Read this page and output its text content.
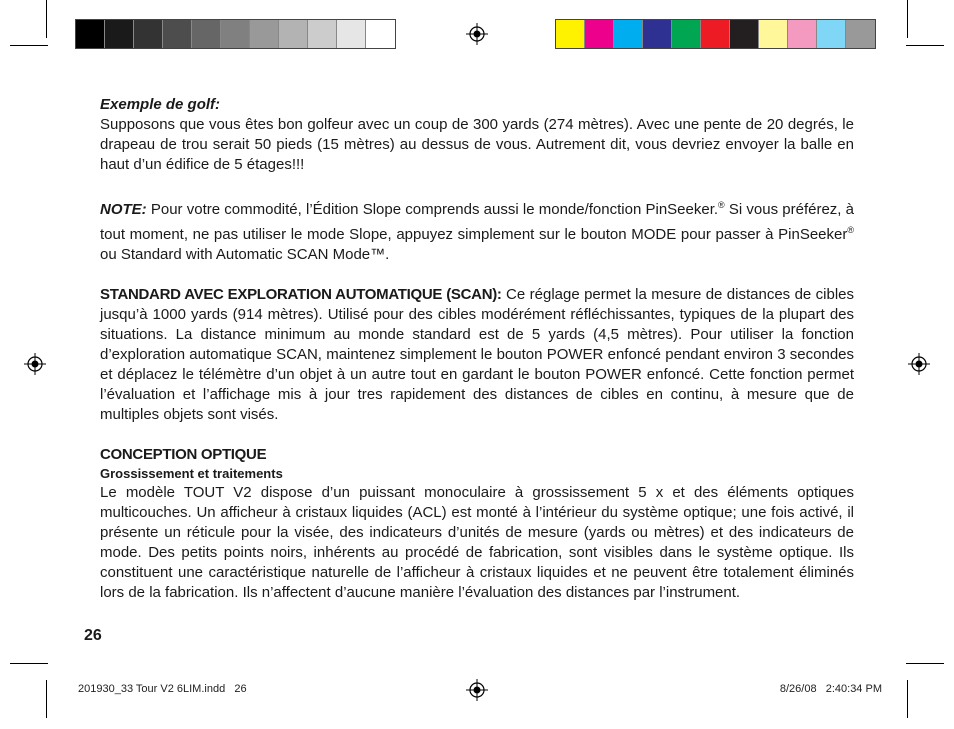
Exemple de golf:

Supposons que vous êtes bon golfeur avec un coup de 300 yards (274 mètres). Avec une pente de 20 degrés, le drapeau de trou serait 50 pieds (15 mètres) au dessus de vous. Autrement dit, vous devriez envoyer la balle en haut d’un édifice de 5 étages!!!

NOTE: Pour votre commodité, l’Édition Slope comprends aussi le monde/fonction PinSeeker.® Si vous préférez, à tout moment, ne pas utiliser le mode Slope, appuyez simplement sur le bouton MODE pour passer à PinSeeker® ou Standard with Automatic SCAN Mode™.

STANDARD AVEC EXPLORATION AUTOMATIQUE (SCAN): Ce réglage permet la mesure de distances de cibles jusqu’à 1000 yards (914 mètres). Utilisé pour des cibles modérément réfléchissantes, typiques de la plupart des situations. La distance minimum au monde standard est de 5 yards (4,5 mètres). Pour utiliser la fonction d’exploration automatique SCAN, maintenez simplement le bouton POWER enfoncé pendant environ 3 secondes et déplacez le télémètre d’un objet à un autre tout en gardant le bouton POWER enfoncé. Cette fonction permet l’évaluation et l’affichage mis à jour tres rapidement des distances de cibles en continu, à mesure que de multiples objets sont visés.

CONCEPTION OPTIQUE

Grossissement et traitements

Le modèle TOUT V2 dispose d’un puissant monoculaire à grossissement 5 x et des éléments optiques multicouches. Un afficheur à cristaux liquides (ACL) est monté à l’intérieur du système optique; une fois activé, il présente un réticule pour la visée, des indicateurs d’unités de mesure (yards ou mètres) et des indicateurs de mode. Des petits points noirs, inhérents au procédé de fabrication, sont visibles dans le système optique. Ils constituent une caractéristique naturelle de l’afficheur à cristaux liquides et ne peuvent être totalement éliminés lors de la fabrication. Ils n’affectent d’aucune manière l’évaluation des distances par l’instrument.

26
201930_33 Tour V2 6LIM.indd   26	8/26/08   2:40:34 PM
